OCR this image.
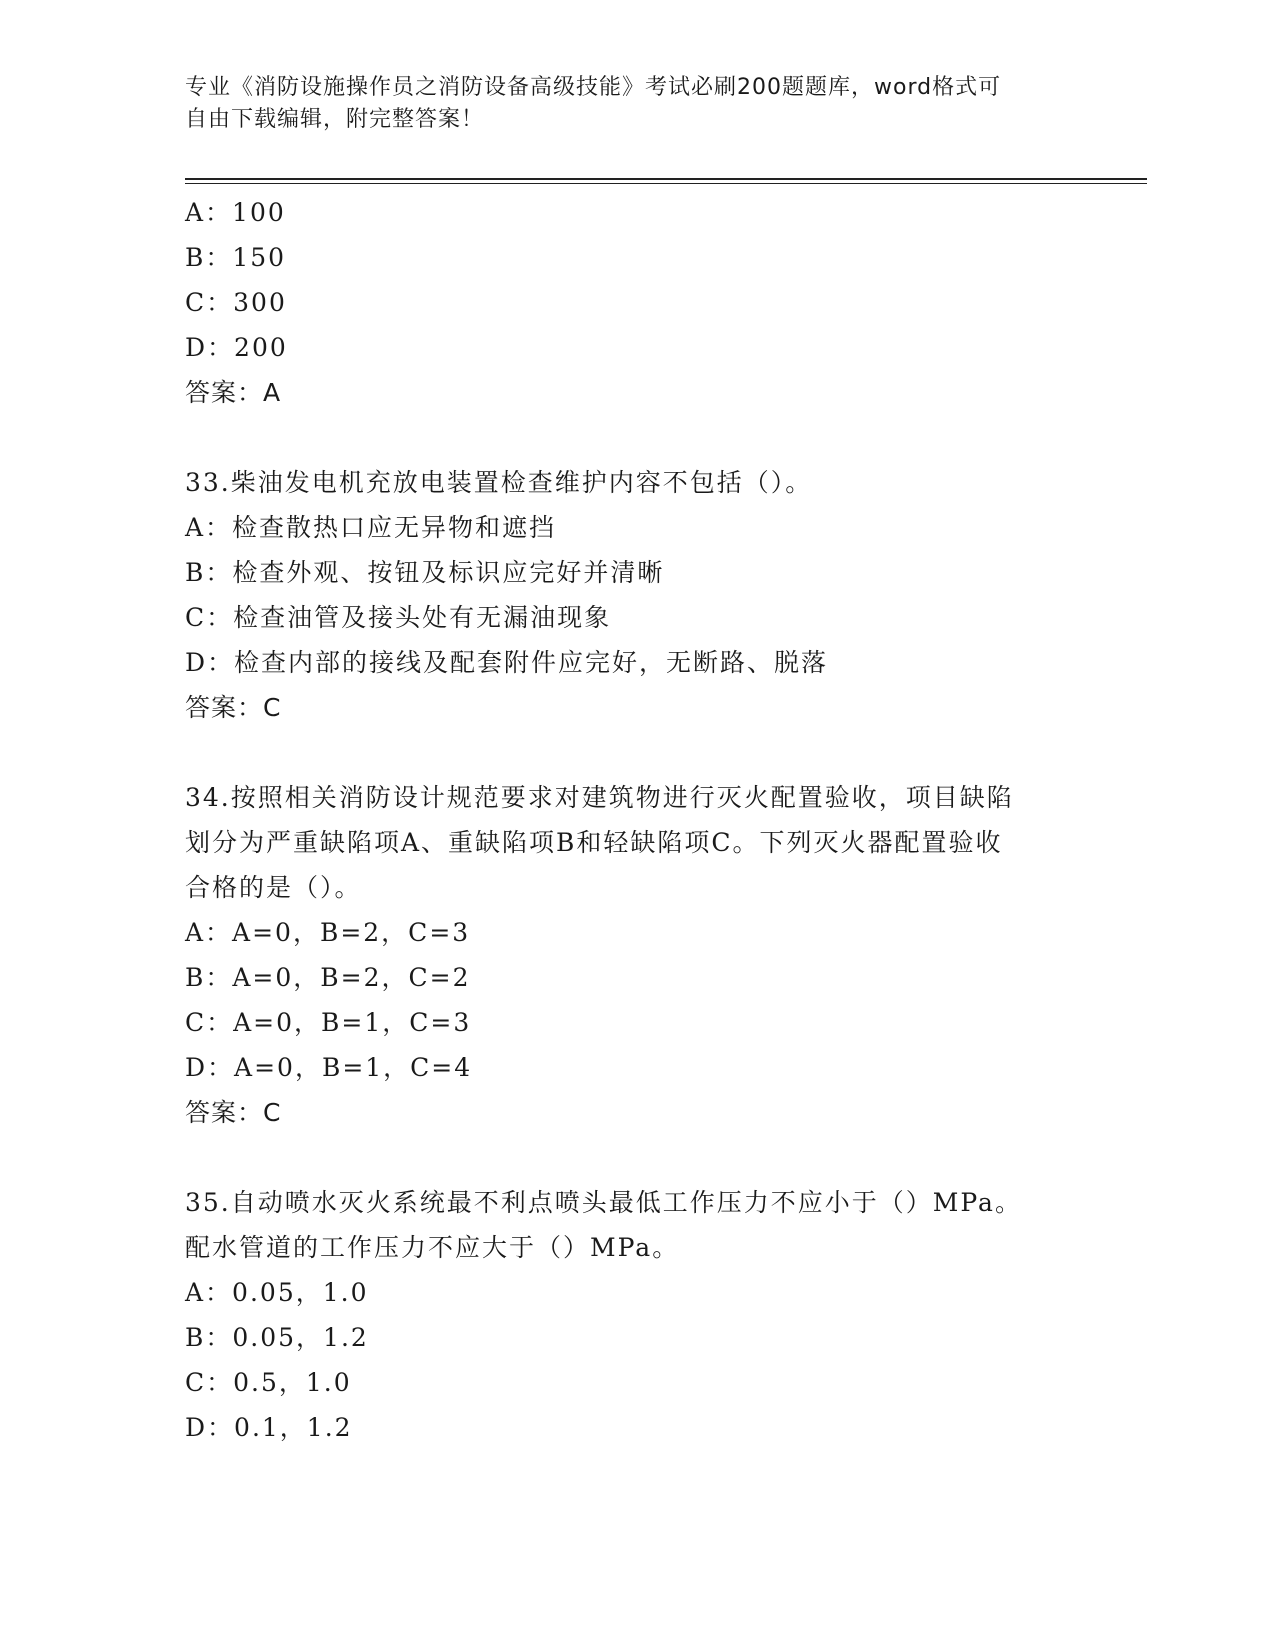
专业《消防设施操作员之消防设备高级技能》考试必刷200题题库，word格式可
自由下载编辑，附完整答案！
A：100
B：150
C：300
D：200
答案：A
33.柴油发电机充放电装置检查维护内容不包括（）。
A：检查散热口应无异物和遮挡
B：检查外观、按钮及标识应完好并清晰
C：检查油管及接头处有无漏油现象
D：检查内部的接线及配套附件应完好，无断路、脱落
答案：C
34.按照相关消防设计规范要求对建筑物进行灭火配置验收，项目缺陷
划分为严重缺陷项A、重缺陷项B和轻缺陷项C。下列灭火器配置验收
合格的是（）。
A：A=0，B=2，C=3
B：A=0，B=2，C=2
C：A=0，B=1，C=3
D：A=0，B=1，C=4
答案：C
35.自动喷水灭火系统最不利点喷头最低工作压力不应小于（）MPa。
配水管道的工作压力不应大于（）MPa。
A：0.05，1.0
B：0.05，1.2
C：0.5，1.0
D：0.1，1.2
